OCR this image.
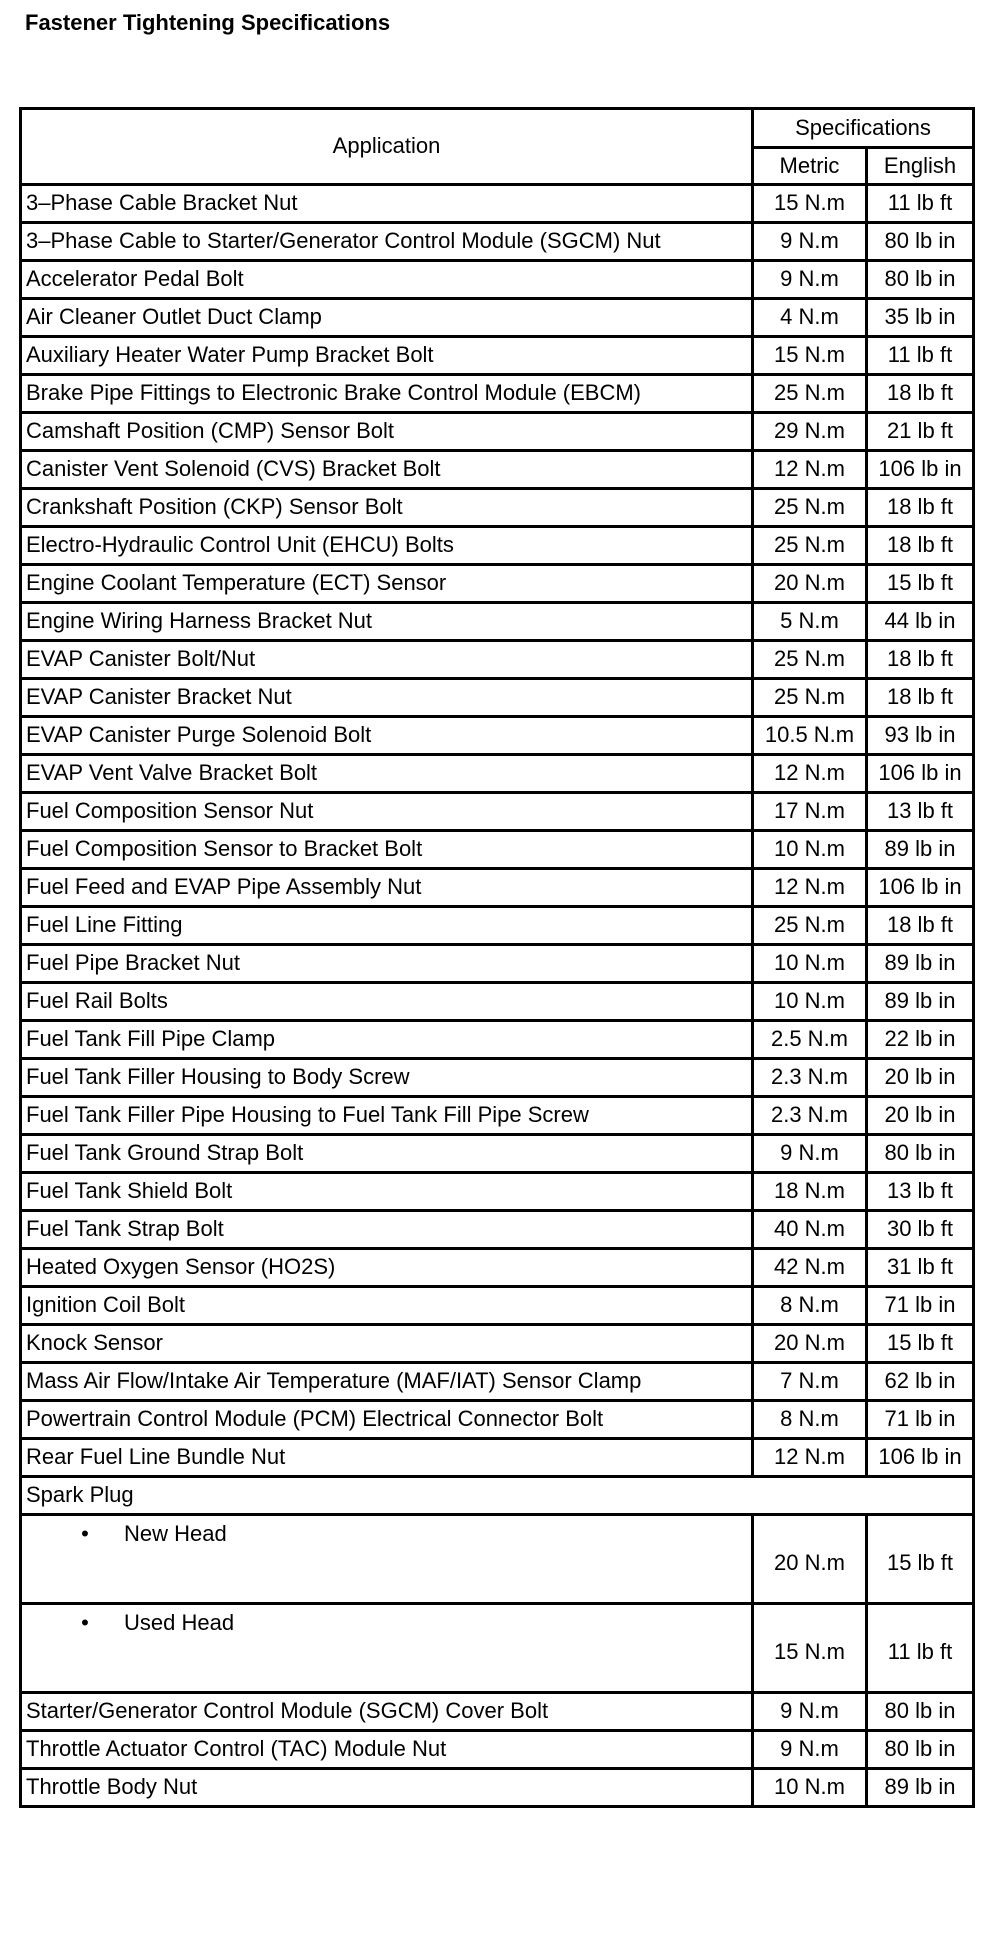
Fastener Tightening Specifications
Application	Specifications	
	Metric	English
3–Phase Cable Bracket Nut	15 N.m	11 lb ft
3–Phase Cable to Starter/Generator Control Module (SGCM) Nut	9 N.m	80 lb in
Accelerator Pedal Bolt	9 N.m	80 lb in
Air Cleaner Outlet Duct Clamp	4 N.m	35 lb in
Auxiliary Heater Water Pump Bracket Bolt	15 N.m	11 lb ft
Brake Pipe Fittings to Electronic Brake Control Module (EBCM)	25 N.m	18 lb ft
Camshaft Position (CMP) Sensor Bolt	29 N.m	21 lb ft
Canister Vent Solenoid (CVS) Bracket Bolt	12 N.m	106 lb in
Crankshaft Position (CKP) Sensor Bolt	25 N.m	18 lb ft
Electro-Hydraulic Control Unit (EHCU) Bolts	25 N.m	18 lb ft
Engine Coolant Temperature (ECT) Sensor	20 N.m	15 lb ft
Engine Wiring Harness Bracket Nut	5 N.m	44 lb in
EVAP Canister Bolt/Nut	25 N.m	18 lb ft
EVAP Canister Bracket Nut	25 N.m	18 lb ft
EVAP Canister Purge Solenoid Bolt	10.5 N.m	93 lb in
EVAP Vent Valve Bracket Bolt	12 N.m	106 lb in
Fuel Composition Sensor Nut	17 N.m	13 lb ft
Fuel Composition Sensor to Bracket Bolt	10 N.m	89 lb in
Fuel Feed and EVAP Pipe Assembly Nut	12 N.m	106 lb in
Fuel Line Fitting	25 N.m	18 lb ft
Fuel Pipe Bracket Nut	10 N.m	89 lb in
Fuel Rail Bolts	10 N.m	89 lb in
Fuel Tank Fill Pipe Clamp	2.5 N.m	22 lb in
Fuel Tank Filler Housing to Body Screw	2.3 N.m	20 lb in
Fuel Tank Filler Pipe Housing to Fuel Tank Fill Pipe Screw	2.3 N.m	20 lb in
Fuel Tank Ground Strap Bolt	9 N.m	80 lb in
Fuel Tank Shield Bolt	18 N.m	13 lb ft
Fuel Tank Strap Bolt	40 N.m	30 lb ft
Heated Oxygen Sensor (HO2S)	42 N.m	31 lb ft
Ignition Coil Bolt	8 N.m	71 lb in
Knock Sensor	20 N.m	15 lb ft
Mass Air Flow/Intake Air Temperature (MAF/IAT) Sensor Clamp	7 N.m	62 lb in
Powertrain Control Module (PCM) Electrical Connector Bolt	8 N.m	71 lb in
Rear Fuel Line Bundle Nut	12 N.m	106 lb in
Spark Plug		
• New Head	20 N.m	15 lb ft
• Used Head	15 N.m	11 lb ft
Starter/Generator Control Module (SGCM) Cover Bolt	9 N.m	80 lb in
Throttle Actuator Control (TAC) Module Nut	9 N.m	80 lb in
Throttle Body Nut	10 N.m	89 lb in
